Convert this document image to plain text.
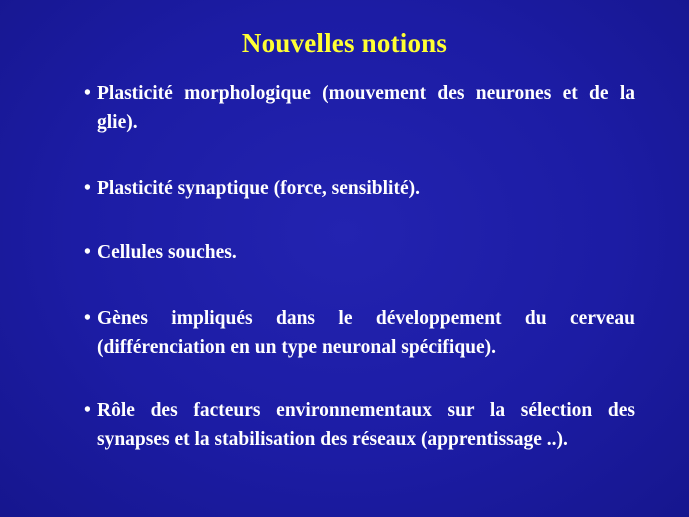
Nouvelles notions
• Plasticité morphologique (mouvement des neurones et de la glie).
• Plasticité synaptique (force, sensiblité).
• Cellules souches.
• Gènes impliqués dans le développement du cerveau (différenciation en un type neuronal spécifique).
• Rôle des facteurs environnementaux sur la sélection des synapses et la stabilisation des réseaux (apprentissage ..).
